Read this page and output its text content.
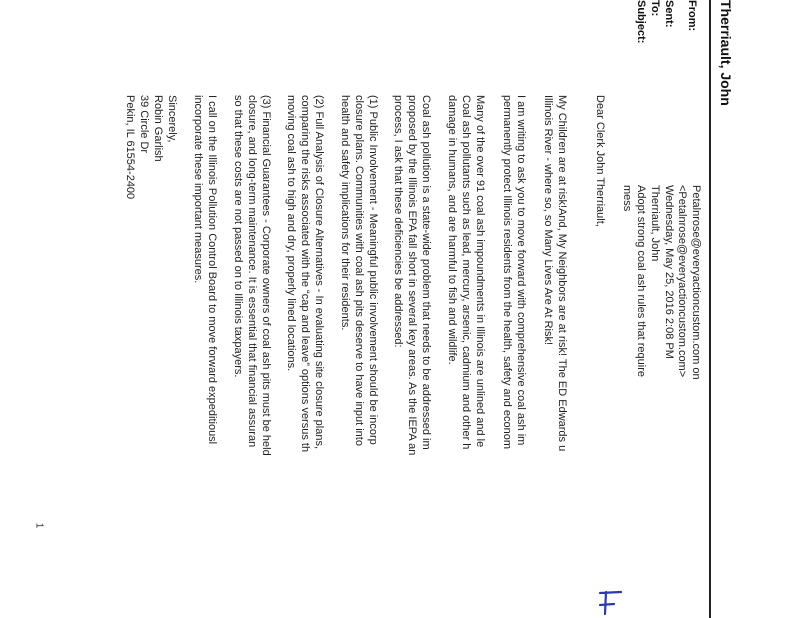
Therriault, John
From:
Petalnrose@everyactioncustom.com on
<Petalnrose@everyactioncustom.com>
Sent:
Wednesday, May 25, 2016 2:08 PM
To:
Therriault, John
Subject:
Adopt strong coal ash rules that require
mess
Dear Clerk John Therriault,
My Children are at risk!And, My Neighbors are at risk! The ED Edwards u
Illinois River - where so, so Many Lives Are At Risk!
I am writing to ask you to move forward with comprehensive coal ash im
permanently protect Illinois residents from the health, safety and econom
Many of the over 91 coal ash impoundments in Illinois are unlined and le
Coal ash pollutants such as lead, mercury, arsenic, cadmium and other h
damage in humans, and are harmful to fish and wildlife.
Coal ash pollution is a state-wide problem that needs to be addressed im
proposed by the Illinois EPA fall short in several key areas. As the IEPA an
process, I ask that these deficiencies be addressed:
(1) Public Involvement - Meaningful public involvement should be incorp
closure plans. Communities with coal ash pits deserve to have input into
health and safety implications for their residents.
(2) Full Analysis of Closure Alternatives - In evaluating site closure plans,
comparing the risks associated with the “cap and leave” options versus th
moving coal ash to high and dry, properly lined locations.
(3) Financial Guarantees - Corporate owners of coal ash pits must be held
closure, and long-term maintenance. It is essential that financial assuran
so that these costs are not passed on to Illinois taxpayers.
I call on the Illinois Pollution Control Board to move forward expeditiousl
incorporate these important measures.
Sincerely,
Robin Garlish
39 Circle Dr
Pekin, IL 61554-2400
1
